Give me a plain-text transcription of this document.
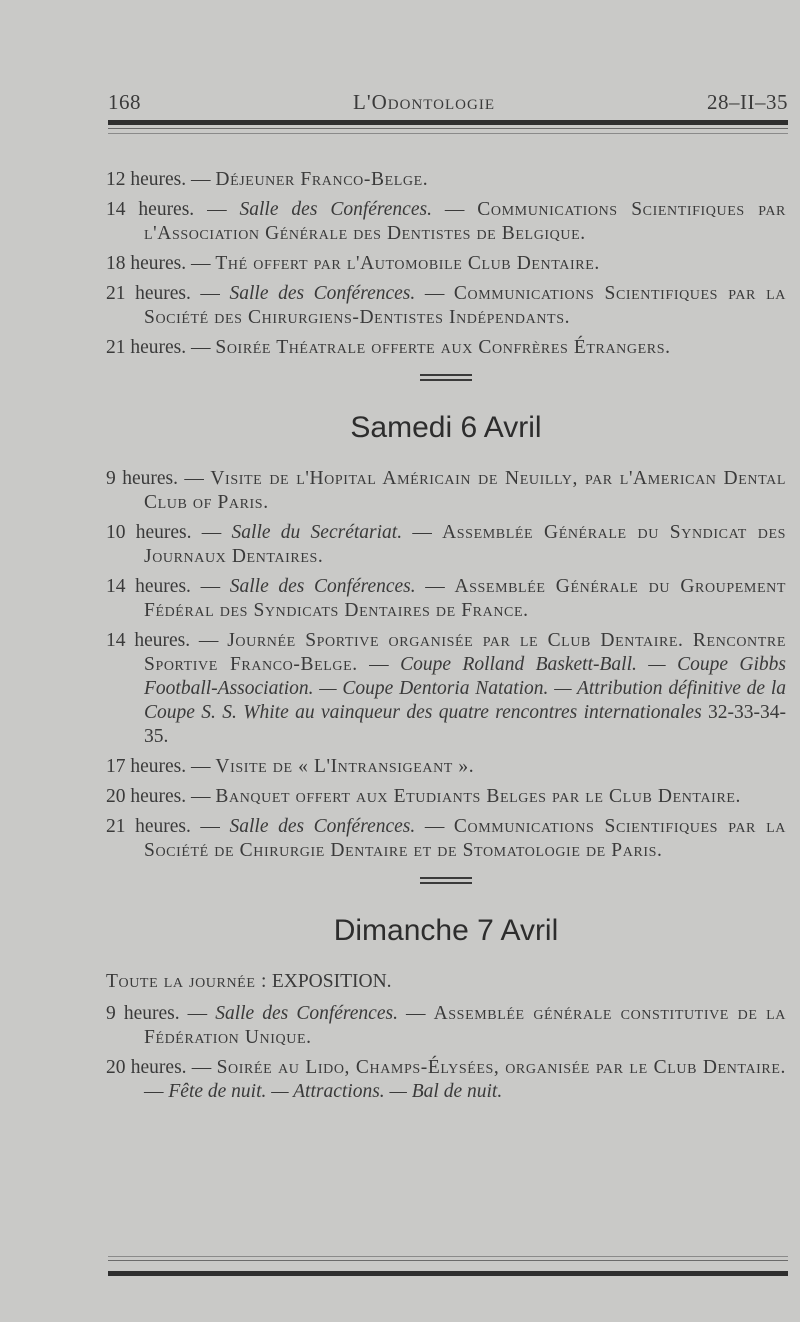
168	L'Odontologie	28–II–35
12 heures. — Déjeuner Franco-Belge.
14 heures. — Salle des Conférences. — Communications Scientifiques par l'Association Générale des Dentistes de Belgique.
18 heures. — Thé offert par l'Automobile Club Dentaire.
21 heures. — Salle des Conférences. — Communications Scientifiques par la Société des Chirurgiens-Dentistes Indépendants.
21 heures. — Soirée Théatrale offerte aux Confrères Étrangers.
Samedi 6 Avril
9 heures. — Visite de l'Hopital Américain de Neuilly, par l'American Dental Club of Paris.
10 heures. — Salle du Secrétariat. — Assemblée Générale du Syndicat des Journaux Dentaires.
14 heures. — Salle des Conférences. — Assemblée Générale du Groupement Fédéral des Syndicats Dentaires de France.
14 heures. — Journée Sportive organisée par le Club Dentaire. Rencontre Sportive Franco-Belge. — Coupe Rolland Baskett-Ball. — Coupe Gibbs Football-Association. — Coupe Dentoria Natation. — Attribution définitive de la Coupe S. S. White au vainqueur des quatre rencontres internationales 32-33-34-35.
17 heures. — Visite de « L'Intransigeant ».
20 heures. — Banquet offert aux Etudiants Belges par le Club Dentaire.
21 heures. — Salle des Conférences. — Communications Scientifiques par la Société de Chirurgie Dentaire et de Stomatologie de Paris.
Dimanche 7 Avril
Toute la journée : EXPOSITION.
9 heures. — Salle des Conférences. — Assemblée générale constitutive de la Fédération Unique.
20 heures. — Soirée au Lido, Champs-Élysées, organisée par le Club Dentaire. — Fête de nuit. — Attractions. — Bal de nuit.
